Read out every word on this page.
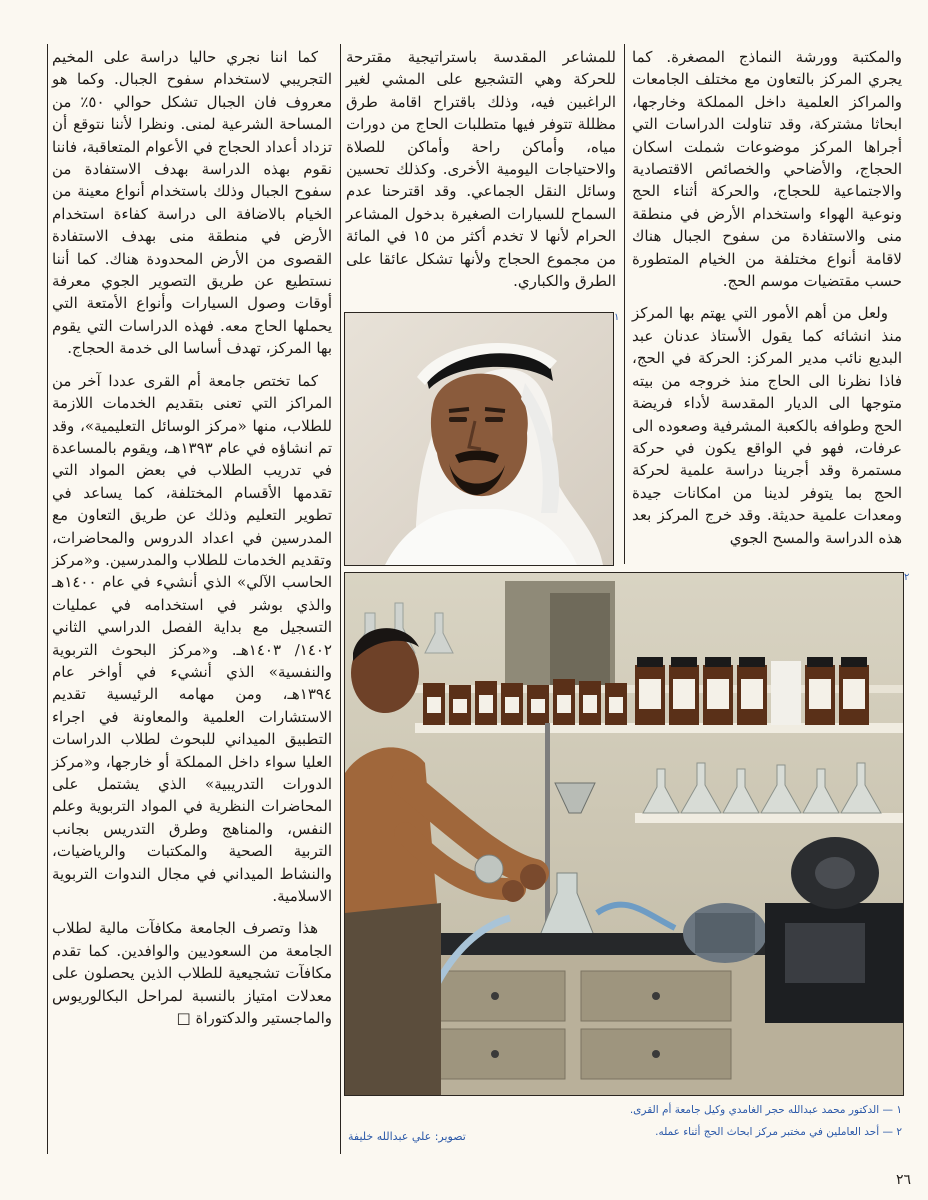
والمكتبة وورشة النماذج المصغرة. كما يجري المركز بالتعاون مع مختلف الجامعات والمراكز العلمية داخل المملكة وخارجها، ابحاثا مشتركة، وقد تناولت الدراسات التي أجراها المركز موضوعات شملت اسكان الحجاج، والأضاحي والخصائص الاقتصادية والاجتماعية للحجاج، والحركة أثناء الحج ونوعية الهواء واستخدام الأرض في منطقة منى والاستفادة من سفوح الجبال هناك لاقامة أنواع مختلفة من الخيام المتطورة حسب مقتضيات موسم الحج.

ولعل من أهم الأمور التي يهتم بها المركز منذ انشائه كما يقول الأستاذ عدنان عبد البديع نائب مدير المركز: الحركة في الحج، فاذا نظرنا الى الحاج منذ خروجه من بيته متوجها الى الديار المقدسة لأداء فريضة الحج وطوافه بالكعبة المشرفية وصعوده الى عرفات، فهو في الواقع يكون في حركة مستمرة وقد أجرينا دراسة علمية لحركة الحج بما يتوفر لدينا من امكانات جيدة ومعدات علمية حديثة. وقد خرج المركز بعد هذه الدراسة والمسح الجوي

للمشاعر المقدسة باستراتيجية مقترحة للحركة وهي التشجيع على المشي لغير الراغبين فيه، وذلك باقتراح اقامة طرق مظللة تتوفر فيها متطلبات الحاج من دورات مياه، وأماكن راحة وأماكن للصلاة والاحتياجات اليومية الأخرى. وكذلك تحسين وسائل النقل الجماعي. وقد اقترحنا عدم السماح للسيارات الصغيرة بدخول المشاعر الحرام لأنها لا تخدم أكثر من ١٥ في المائة من مجموع الحجاج ولأنها تشكل عائقا على الطرق والكباري.

كما اننا نجري حاليا دراسة على المخيم التجريبي لاستخدام سفوح الجبال. وكما هو معروف فان الجبال تشكل حوالي ٥٠٪ من المساحة الشرعية لمنى. ونظرا لأننا نتوقع أن تزداد أعداد الحجاج في الأعوام المتعاقبة، فاننا نقوم بهذه الدراسة بهدف الاستفادة من سفوح الجبال وذلك باستخدام أنواع معينة من الخيام بالاضافة الى دراسة كفاءة استخدام الأرض في منطقة منى بهدف الاستفادة القصوى من الأرض المحدودة هناك. كما أننا نستطيع عن طريق التصوير الجوي معرفة أوقات وصول السيارات وأنواع الأمتعة التي يحملها الحاج معه. فهذه الدراسات التي يقوم بها المركز، تهدف أساسا الى خدمة الحجاج.

كما تختص جامعة أم القرى عددا آخر من المراكز التي تعنى بتقديم الخدمات اللازمة للطلاب، منها «مركز الوسائل التعليمية»، وقد تم انشاؤه في عام ١٣٩٣هـ، ويقوم بالمساعدة في تدريب الطلاب في بعض المواد التي تقدمها الأقسام المختلفة، كما يساعد في تطوير التعليم وذلك عن طريق التعاون مع المدرسين في اعداد الدروس والمحاضرات، وتقديم الخدمات للطلاب والمدرسين. و«مركز الحاسب الآلي» الذي أنشيء في عام ١٤٠٠هـ والذي بوشر في استخدامه في عمليات التسجيل مع بداية الفصل الدراسي الثاني ١٤٠٢/ ١٤٠٣هـ. و«مركز البحوث التربوية والنفسية» الذي أنشيء في أواخر عام ١٣٩٤هـ، ومن مهامه الرئيسية تقديم الاستشارات العلمية والمعاونة في اجراء التطبيق الميداني للبحوث لطلاب الدراسات العليا سواء داخل المملكة أو خارجها، و«مركز الدورات التدريبية» الذي يشتمل على المحاضرات النظرية في المواد التربوية وعلم النفس، والمناهج وطرق التدريس بجانب التربية الصحية والمكتبات والرياضيات، والنشاط الميداني في مجال الندوات التربوية الاسلامية.

هذا وتصرف الجامعة مكافآت مالية لطلاب الجامعة من السعوديين والوافدين. كما تقدم مكافآت تشجيعية للطلاب الذين يحصلون على معدلات امتياز بالنسبة لمراحل البكالوريوس والماجستير والدكتوراة □

١
٢
١ — الدكتور محمد عبدالله حجر الغامدي وكيل جامعة أم القرى.
٢ — أحد العاملين في مختبر مركز ابحاث الحج أثناء عمله.
تصوير: علي عبدالله خليفة
٢٦
